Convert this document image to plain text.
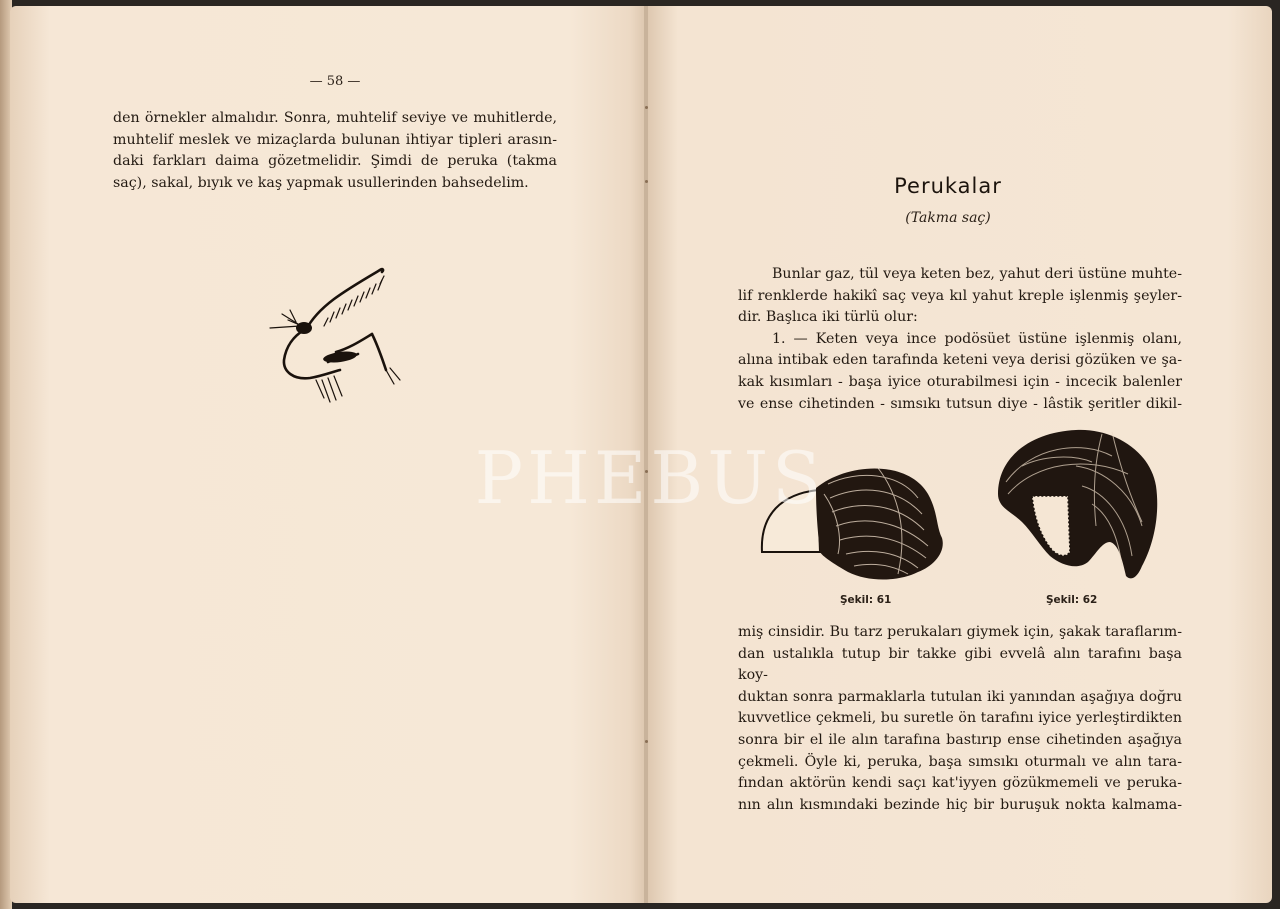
— 58 —

den örnekler almalıdır. Sonra, muhtelif seviye ve muhitlerde,

muhtelif meslek ve mizaçlarda bulunan ihtiyar tipleri arasın-

daki farkları daima gözetmelidir. Şimdi de peruka (takma

saç), sakal, bıyık ve kaş yapmak usullerinden bahsedelim.	Perukalar
(Takma saç)

Bunlar gaz, tül veya keten bez, yahut deri üstüne muhte-

lif renklerde hakikî saç veya kıl yahut kreple işlenmiş şeyler-

dir. Başlıca iki türlü olur:

1. — Keten veya ince podösüet üstüne işlenmiş olanı,

alına intibak eden tarafında keteni veya derisi gözüken ve şa-

kak kısımları - başa iyice oturabilmesi için - incecik balenler

ve ense cihetinden - sımsıkı tutsun diye - lâstik şeritler dikil-

Şekil: 61	Şekil: 62

miş cinsidir. Bu tarz perukaları giymek için, şakak taraflarım-

dan ustalıkla tutup bir takke gibi evvelâ alın tarafını başa koy-

duktan sonra parmaklarla tutulan iki yanından aşağıya doğru

kuvvetlice çekmeli, bu suretle ön tarafını iyice yerleştirdikten

sonra bir el ile alın tarafına bastırıp ense cihetinden aşağıya

çekmeli. Öyle ki, peruka, başa sımsıkı oturmalı ve alın tara-

fından aktörün kendi saçı kat'iyyen gözükmemeli ve peruka-

nın alın kısmındaki bezinde hiç bir buruşuk nokta kalmama-

PHEBUS
